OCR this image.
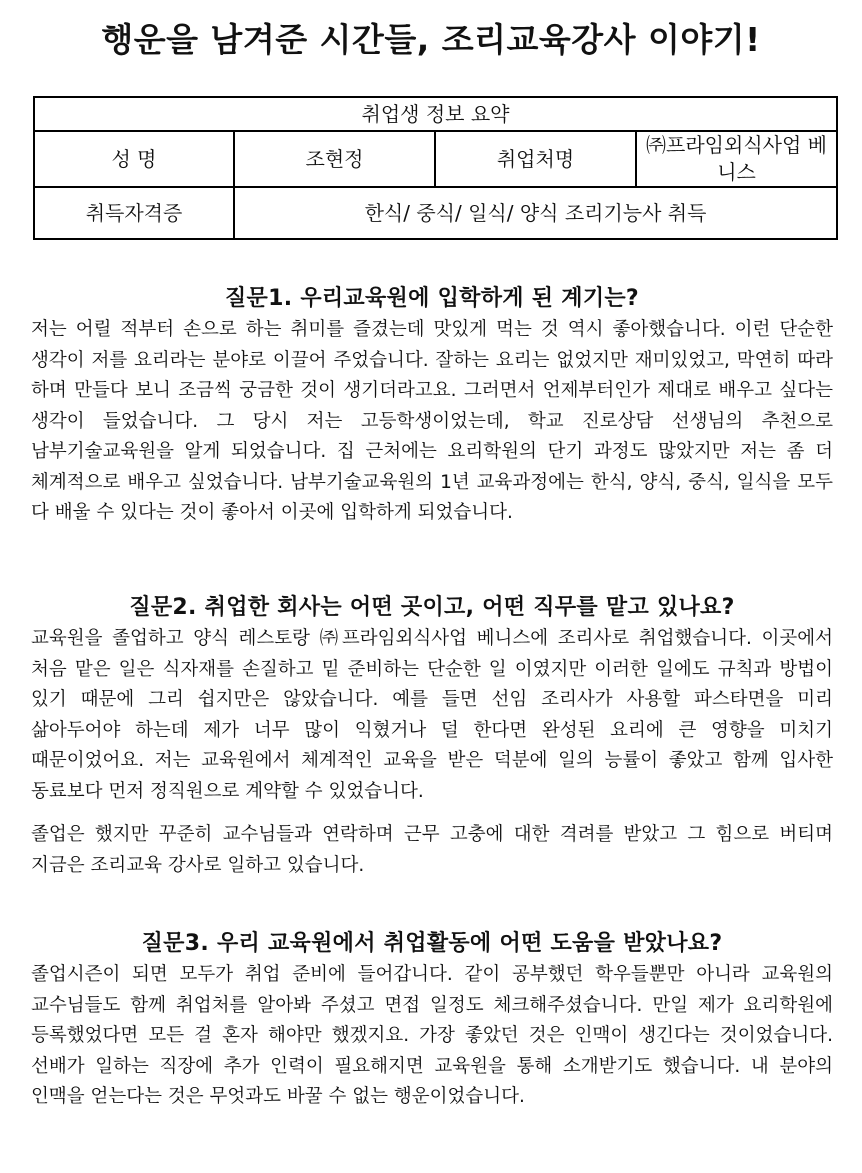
행운을 남겨준 시간들, 조리교육강사 이야기!
취업생 정보 요약			
성 명	조현정	취업처명	㈜프라임외식사업 베니스
취득자격증	한식/ 중식/ 일식/ 양식 조리기능사 취득		
질문1. 우리교육원에 입학하게 된 계기는?

저는 어릴 적부터 손으로 하는 취미를 즐겼는데 맛있게 먹는 것 역시 좋아했습니다. 이런 단순한 생각이 저를 요리라는 분야로 이끌어 주었습니다. 잘하는 요리는 없었지만 재미있었고, 막연히 따라 하며 만들다 보니 조금씩 궁금한 것이 생기더라고요. 그러면서 언제부터인가 제대로 배우고 싶다는 생각이 들었습니다. 그 당시 저는 고등학생이었는데, 학교 진로상담 선생님의 추천으로 남부기술교육원을 알게 되었습니다. 집 근처에는 요리학원의 단기 과정도 많았지만 저는 좀 더 체계적으로 배우고 싶었습니다. 남부기술교육원의 1년 교육과정에는 한식, 양식, 중식, 일식을 모두 다 배울 수 있다는 것이 좋아서 이곳에 입학하게 되었습니다.

질문2. 취업한 회사는 어떤 곳이고, 어떤 직무를 맡고 있나요?

교육원을 졸업하고 양식 레스토랑 ㈜프라임외식사업 베니스에 조리사로 취업했습니다. 이곳에서 처음 맡은 일은 식자재를 손질하고 밑 준비하는 단순한 일 이였지만 이러한 일에도 규칙과 방법이 있기 때문에 그리 쉽지만은 않았습니다. 예를 들면 선임 조리사가 사용할 파스타면을 미리 삶아두어야 하는데 제가 너무 많이 익혔거나 덜 한다면 완성된 요리에 큰 영향을 미치기 때문이었어요. 저는 교육원에서 체계적인 교육을 받은 덕분에 일의 능률이 좋았고 함께 입사한 동료보다 먼저 정직원으로 계약할 수 있었습니다.

졸업은 했지만 꾸준히 교수님들과 연락하며 근무 고충에 대한 격려를 받았고 그 힘으로 버티며 지금은 조리교육 강사로 일하고 있습니다.

질문3. 우리 교육원에서 취업활동에 어떤 도움을 받았나요?

졸업시즌이 되면 모두가 취업 준비에 들어갑니다. 같이 공부했던 학우들뿐만 아니라 교육원의 교수님들도 함께 취업처를 알아봐 주셨고 면접 일정도 체크해주셨습니다. 만일 제가 요리학원에 등록했었다면 모든 걸 혼자 해야만 했겠지요. 가장 좋았던 것은 인맥이 생긴다는 것이었습니다. 선배가 일하는 직장에 추가 인력이 필요해지면 교육원을 통해 소개받기도 했습니다. 내 분야의 인맥을 얻는다는 것은 무엇과도 바꿀 수 없는 행운이었습니다.
